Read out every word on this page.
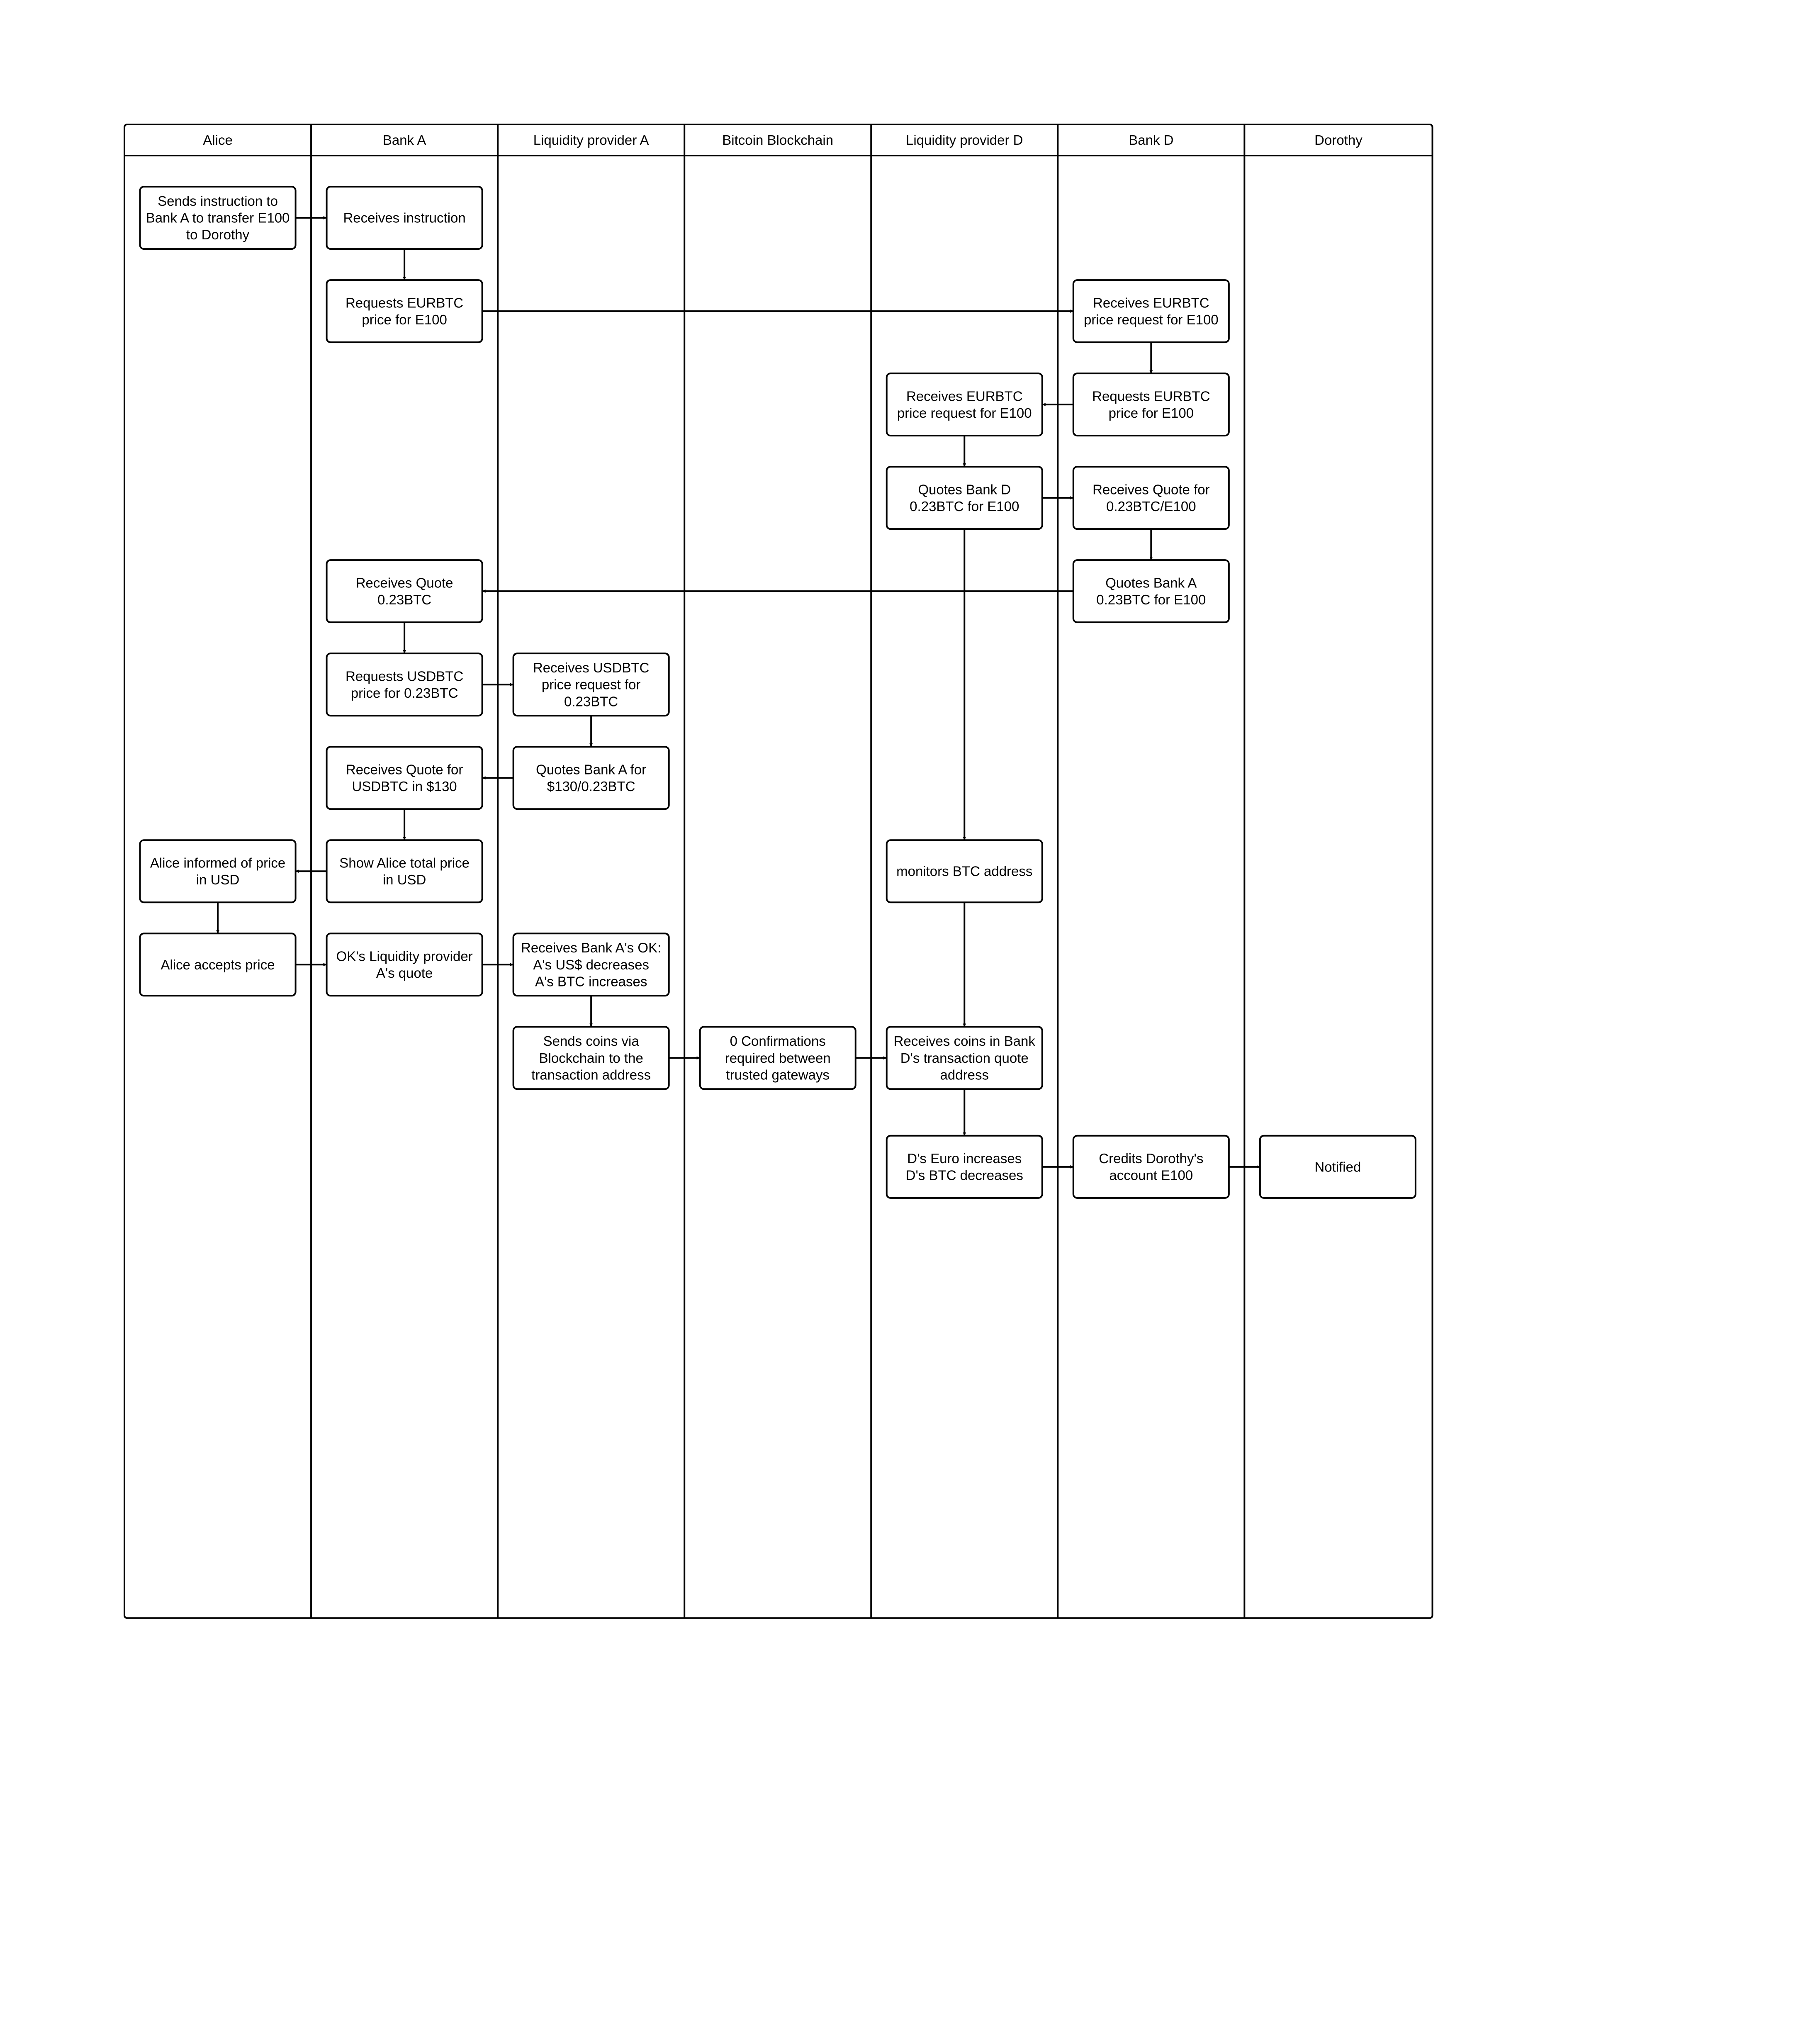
Alice	Bank A	Liquidity provider A	Bitcoin Blockchain	Liquidity provider D	Bank D	Dorothy
Sends instruction to
Bank A to transfer E100
to Dorothy
Receives instruction
Requests EURBTC
price for E100
Receives EURBTC
price request for E100
Requests EURBTC
price for E100
Receives EURBTC
price request for E100
Quotes Bank D
0.23BTC for E100
Receives Quote for
0.23BTC/E100
Quotes Bank A
0.23BTC for E100
Receives Quote
0.23BTC
Requests USDBTC
price for 0.23BTC
Receives USDBTC
price request for
0.23BTC
Quotes Bank A for
$130/0.23BTC
Receives Quote for
USDBTC in $130
Show Alice total price
in USD
Alice informed of price
in USD
monitors BTC address
Alice accepts price
OK's Liquidity provider
A's quote
Receives Bank A's OK:
A's US$ decreases
A's BTC increases
Sends coins via
Blockchain to the
transaction address
0 Confirmations
required between
trusted gateways
Receives coins in Bank
D's transaction quote
address
D's Euro increases
D's BTC decreases
Credits Dorothy's
account E100
Notified
